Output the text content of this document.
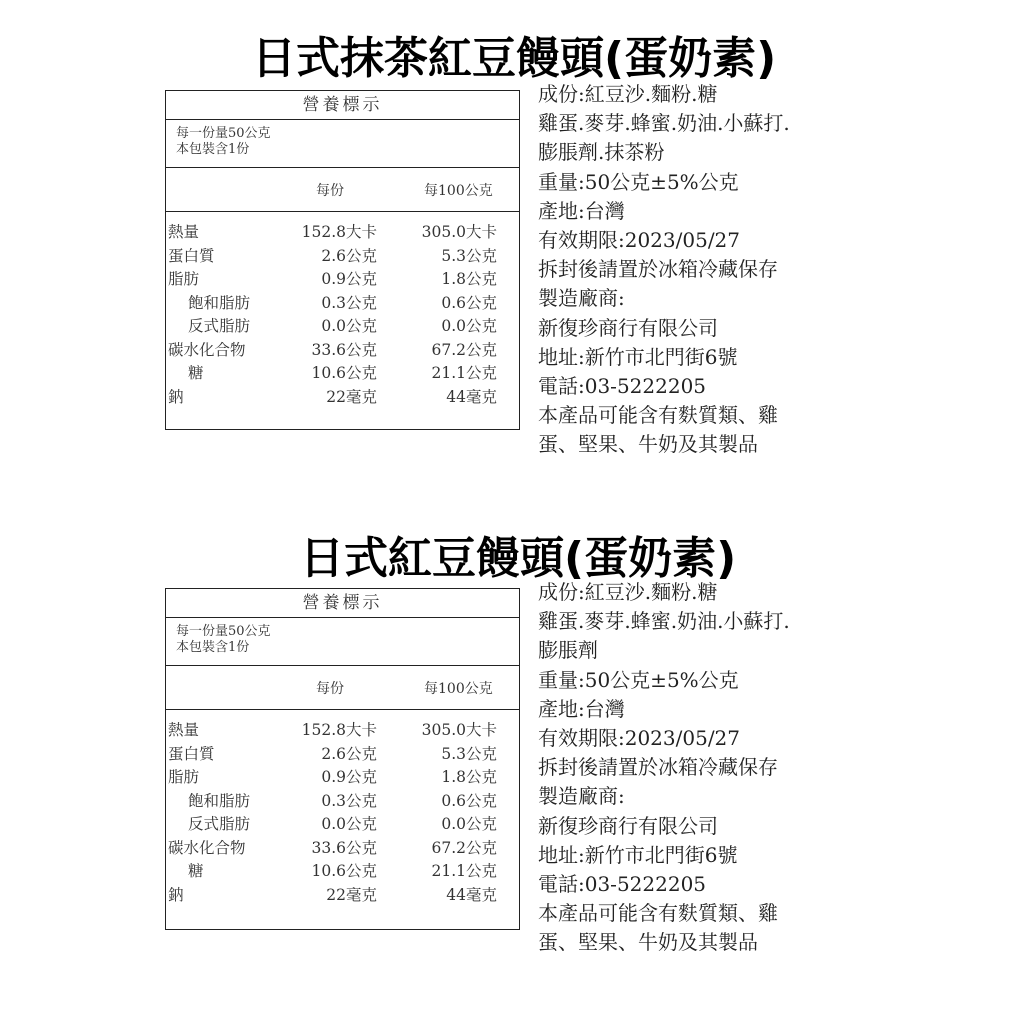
日式抹茶紅豆饅頭(蛋奶素)
營養標示
每一份量50公克
本包裝含1份
每份	每100公克
熱量	152.8大卡	305.0大卡
蛋白質	2.6公克	5.3公克
脂肪	0.9公克	1.8公克
飽和脂肪	0.3公克	0.6公克
反式脂肪	0.0公克	0.0公克
碳水化合物	33.6公克	67.2公克
糖	10.6公克	21.1公克
鈉	22毫克	44毫克
成份:紅豆沙.麵粉.糖
雞蛋.麥芽.蜂蜜.奶油.小蘇打.
膨脹劑.抹茶粉
重量:50公克±5%公克
產地:台灣
有效期限:2023/05/27
拆封後請置於冰箱冷藏保存
製造廠商:
新復珍商行有限公司
地址:新竹市北門街6號
電話:03-5222205
本產品可能含有麩質類、雞
蛋、堅果、牛奶及其製品
日式紅豆饅頭(蛋奶素)
營養標示
每一份量50公克
本包裝含1份
每份	每100公克
熱量	152.8大卡	305.0大卡
蛋白質	2.6公克	5.3公克
脂肪	0.9公克	1.8公克
飽和脂肪	0.3公克	0.6公克
反式脂肪	0.0公克	0.0公克
碳水化合物	33.6公克	67.2公克
糖	10.6公克	21.1公克
鈉	22毫克	44毫克
成份:紅豆沙.麵粉.糖
雞蛋.麥芽.蜂蜜.奶油.小蘇打.
膨脹劑
重量:50公克±5%公克
產地:台灣
有效期限:2023/05/27
拆封後請置於冰箱冷藏保存
製造廠商:
新復珍商行有限公司
地址:新竹市北門街6號
電話:03-5222205
本產品可能含有麩質類、雞
蛋、堅果、牛奶及其製品
